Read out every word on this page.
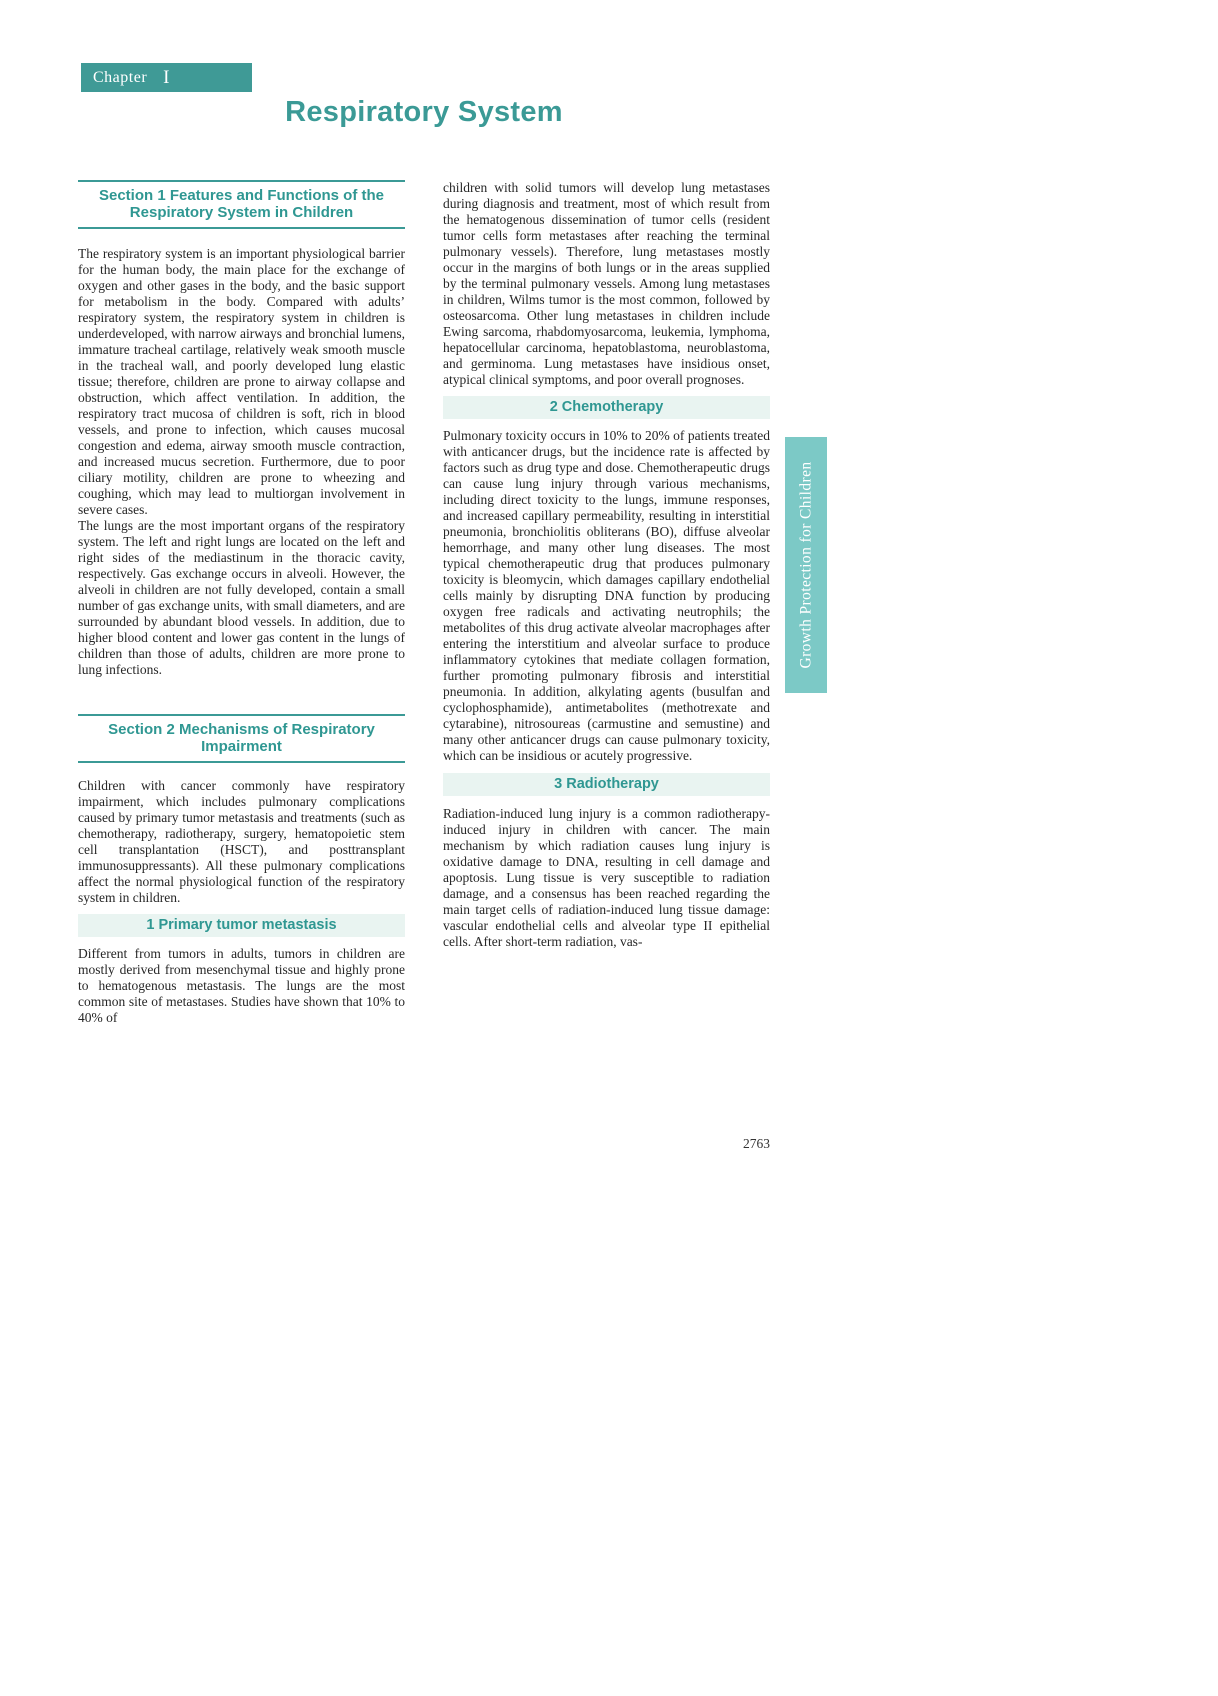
Chapter I
Respiratory System
Section 1 Features and Functions of the Respiratory System in Children

The respiratory system is an important physiological barrier for the human body, the main place for the exchange of oxygen and other gases in the body, and the basic support for metabolism in the body. Compared with adults’ respiratory system, the respiratory system in children is underdeveloped, with narrow airways and bronchial lumens, immature tracheal cartilage, relatively weak smooth muscle in the tracheal wall, and poorly developed lung elastic tissue; therefore, children are prone to airway collapse and obstruction, which affect ventilation. In addition, the respiratory tract mucosa of children is soft, rich in blood vessels, and prone to infection, which causes mucosal congestion and edema, airway smooth muscle contraction, and increased mucus secretion. Furthermore, due to poor ciliary motility, children are prone to wheezing and coughing, which may lead to multiorgan involvement in severe cases.

The lungs are the most important organs of the respiratory system. The left and right lungs are located on the left and right sides of the mediastinum in the thoracic cavity, respectively. Gas exchange occurs in alveoli. However, the alveoli in children are not fully developed, contain a small number of gas exchange units, with small diameters, and are surrounded by abundant blood vessels. In addition, due to higher blood content and lower gas content in the lungs of children than those of adults, children are more prone to lung infections.

Section 2 Mechanisms of Respiratory Impairment

Children with cancer commonly have respiratory impairment, which includes pulmonary complications caused by primary tumor metastasis and treatments (such as chemotherapy, radiotherapy, surgery, hematopoietic stem cell transplantation (HSCT), and posttransplant immunosuppressants). All these pulmonary complications affect the normal physiological function of the respiratory system in children.

1 Primary tumor metastasis

Different from tumors in adults, tumors in children are mostly derived from mesenchymal tissue and highly prone to hematogenous metastasis. The lungs are the most common site of metastases. Studies have shown that 10% to 40% of

children with solid tumors will develop lung metastases during diagnosis and treatment, most of which result from the hematogenous dissemination of tumor cells (resident tumor cells form metastases after reaching the terminal pulmonary vessels). Therefore, lung metastases mostly occur in the margins of both lungs or in the areas supplied by the terminal pulmonary vessels. Among lung metastases in children, Wilms tumor is the most common, followed by osteosarcoma. Other lung metastases in children include Ewing sarcoma, rhabdomyosarcoma, leukemia, lymphoma, hepatocellular carcinoma, hepatoblastoma, neuroblastoma, and germinoma. Lung metastases have insidious onset, atypical clinical symptoms, and poor overall prognoses.

2 Chemotherapy

Pulmonary toxicity occurs in 10% to 20% of patients treated with anticancer drugs, but the incidence rate is affected by factors such as drug type and dose. Chemotherapeutic drugs can cause lung injury through various mechanisms, including direct toxicity to the lungs, immune responses, and increased capillary permeability, resulting in interstitial pneumonia, bronchiolitis obliterans (BO), diffuse alveolar hemorrhage, and many other lung diseases. The most typical chemotherapeutic drug that produces pulmonary toxicity is bleomycin, which damages capillary endothelial cells mainly by disrupting DNA function by producing oxygen free radicals and activating neutrophils; the metabolites of this drug activate alveolar macrophages after entering the interstitium and alveolar surface to produce inflammatory cytokines that mediate collagen formation, further promoting pulmonary fibrosis and interstitial pneumonia. In addition, alkylating agents (busulfan and cyclophosphamide), antimetabolites (methotrexate and cytarabine), nitrosoureas (carmustine and semustine) and many other anticancer drugs can cause pulmonary toxicity, which can be insidious or acutely progressive.

3 Radiotherapy

Radiation-induced lung injury is a common radiotherapy-induced injury in children with cancer. The main mechanism by which radiation causes lung injury is oxidative damage to DNA, resulting in cell damage and apoptosis. Lung tissue is very susceptible to radiation damage, and a consensus has been reached regarding the main target cells of radiation-induced lung tissue damage: vascular endothelial cells and alveolar type II epithelial cells. After short-term radiation, vas-

2763
Growth Protection for Children
